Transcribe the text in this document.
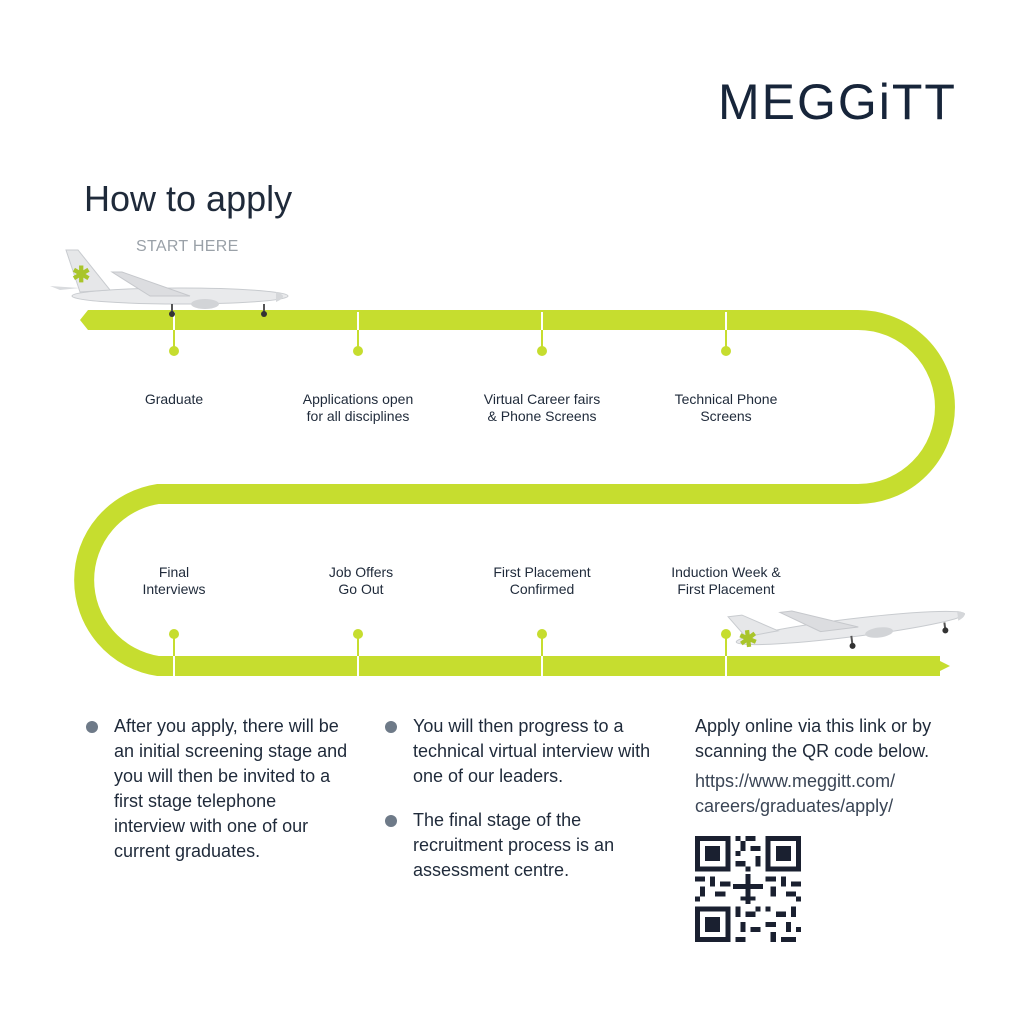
MEGGiTT
How to apply
START HERE
✱
✱
Graduate	Applications open
for all disciplines
Virtual Career fairs
& Phone Screens
Technical Phone
Screens
Final
Interviews
Job Offers
Go Out
First Placement
Confirmed
Induction Week &
First Placement
After you apply, there will be an initial screening stage and you will then be invited to a first stage telephone interview with one of our current graduates.
You will then progress to a technical virtual interview with one of our leaders.
The final stage of the recruitment process is an assessment centre.
Apply online via this link or by scanning the QR code below.
https://www.meggitt.com/
careers/graduates/apply/
